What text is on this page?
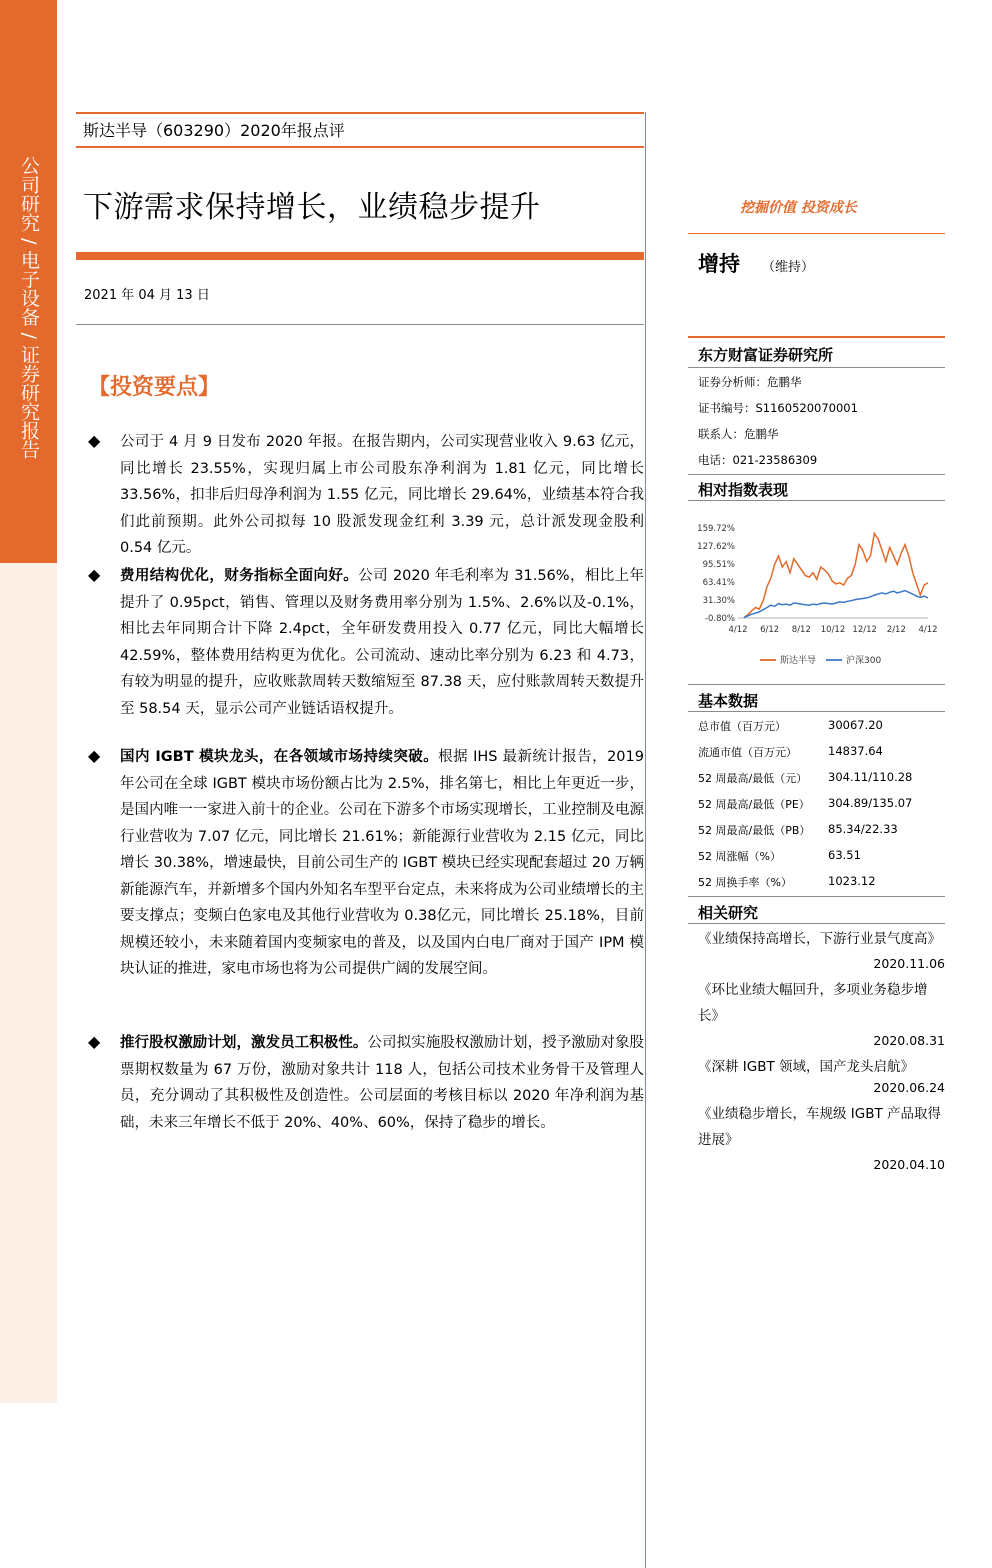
公司研究 / 电子设备 / 证券研究报告
斯达半导（603290）2020年报点评
下游需求保持增长，业绩稳步提升
2021 年 04 月 13 日
【投资要点】
◆ 公司于 4 月 9 日发布 2020 年报。在报告期内，公司实现营业收入 9.63 亿元，同比增长 23.55%，实现归属上市公司股东净利润为 1.81 亿元，同比增长 33.56%，扣非后归母净利润为 1.55 亿元，同比增长 29.64%，业绩基本符合我们此前预期。此外公司拟每 10 股派发现金红利 3.39 元，总计派发现金股利 0.54 亿元。
◆ 费用结构优化，财务指标全面向好。公司 2020 年毛利率为 31.56%，相比上年提升了 0.95pct，销售、管理以及财务费用率分别为 1.5%、2.6%以及-0.1%，相比去年同期合计下降 2.4pct，全年研发费用投入 0.77 亿元，同比大幅增长 42.59%，整体费用结构更为优化。公司流动、速动比率分别为 6.23 和 4.73，有较为明显的提升，应收账款周转天数缩短至 87.38 天，应付账款周转天数提升至 58.54 天，显示公司产业链话语权提升。
◆ 国内 IGBT 模块龙头，在各领域市场持续突破。根据 IHS 最新统计报告，2019 年公司在全球 IGBT 模块市场份额占比为 2.5%，排名第七，相比上年更近一步，是国内唯一一家进入前十的企业。公司在下游多个市场实现增长，工业控制及电源行业营收为 7.07 亿元，同比增长 21.61%；新能源行业营收为 2.15 亿元，同比增长 30.38%，增速最快，目前公司生产的 IGBT 模块已经实现配套超过 20 万辆新能源汽车，并新增多个国内外知名车型平台定点，未来将成为公司业绩增长的主要支撑点；变频白色家电及其他行业营收为 0.38亿元，同比增长 25.18%，目前规模还较小，未来随着国内变频家电的普及，以及国内白电厂商对于国产 IPM 模块认证的推进，家电市场也将为公司提供广阔的发展空间。
◆ 推行股权激励计划，激发员工积极性。公司拟实施股权激励计划，授予激励对象股票期权数量为 67 万份，激励对象共计 118 人，包括公司技术业务骨干及管理人员，充分调动了其积极性及创造性。公司层面的考核目标以 2020 年净利润为基础，未来三年增长不低于 20%、40%、60%，保持了稳步的增长。
挖掘价值 投资成长
增持 （维持）
东方财富证券研究所
证券分析师：危鹏华
证书编号：S1160520070001
联系人：危鹏华
电话：021-23586309
相对指数表现
159.72%
127.62%
95.51%
63.41%
31.30%
-0.80%
4/12 6/12 8/12 10/12 12/12 2/12 4/12
斯达半导	沪深300
基本数据
总市值（百万元）	30067.20
流通市值（百万元）	14837.64
52 周最高/最低（元） 304.11/110.28
52 周最高/最低（PE） 304.89/135.07
52 周最高/最低（PB） 85.34/22.33
52 周涨幅（%）	63.51
52 周换手率（%）	1023.12
相关研究
《业绩保持高增长，下游行业景气度高》
2020.11.06
《环比业绩大幅回升，多项业务稳步增长》
2020.08.31
《深耕 IGBT 领域，国产龙头启航》
2020.06.24
《业绩稳步增长，车规级 IGBT 产品取得进展》
2020.04.10
